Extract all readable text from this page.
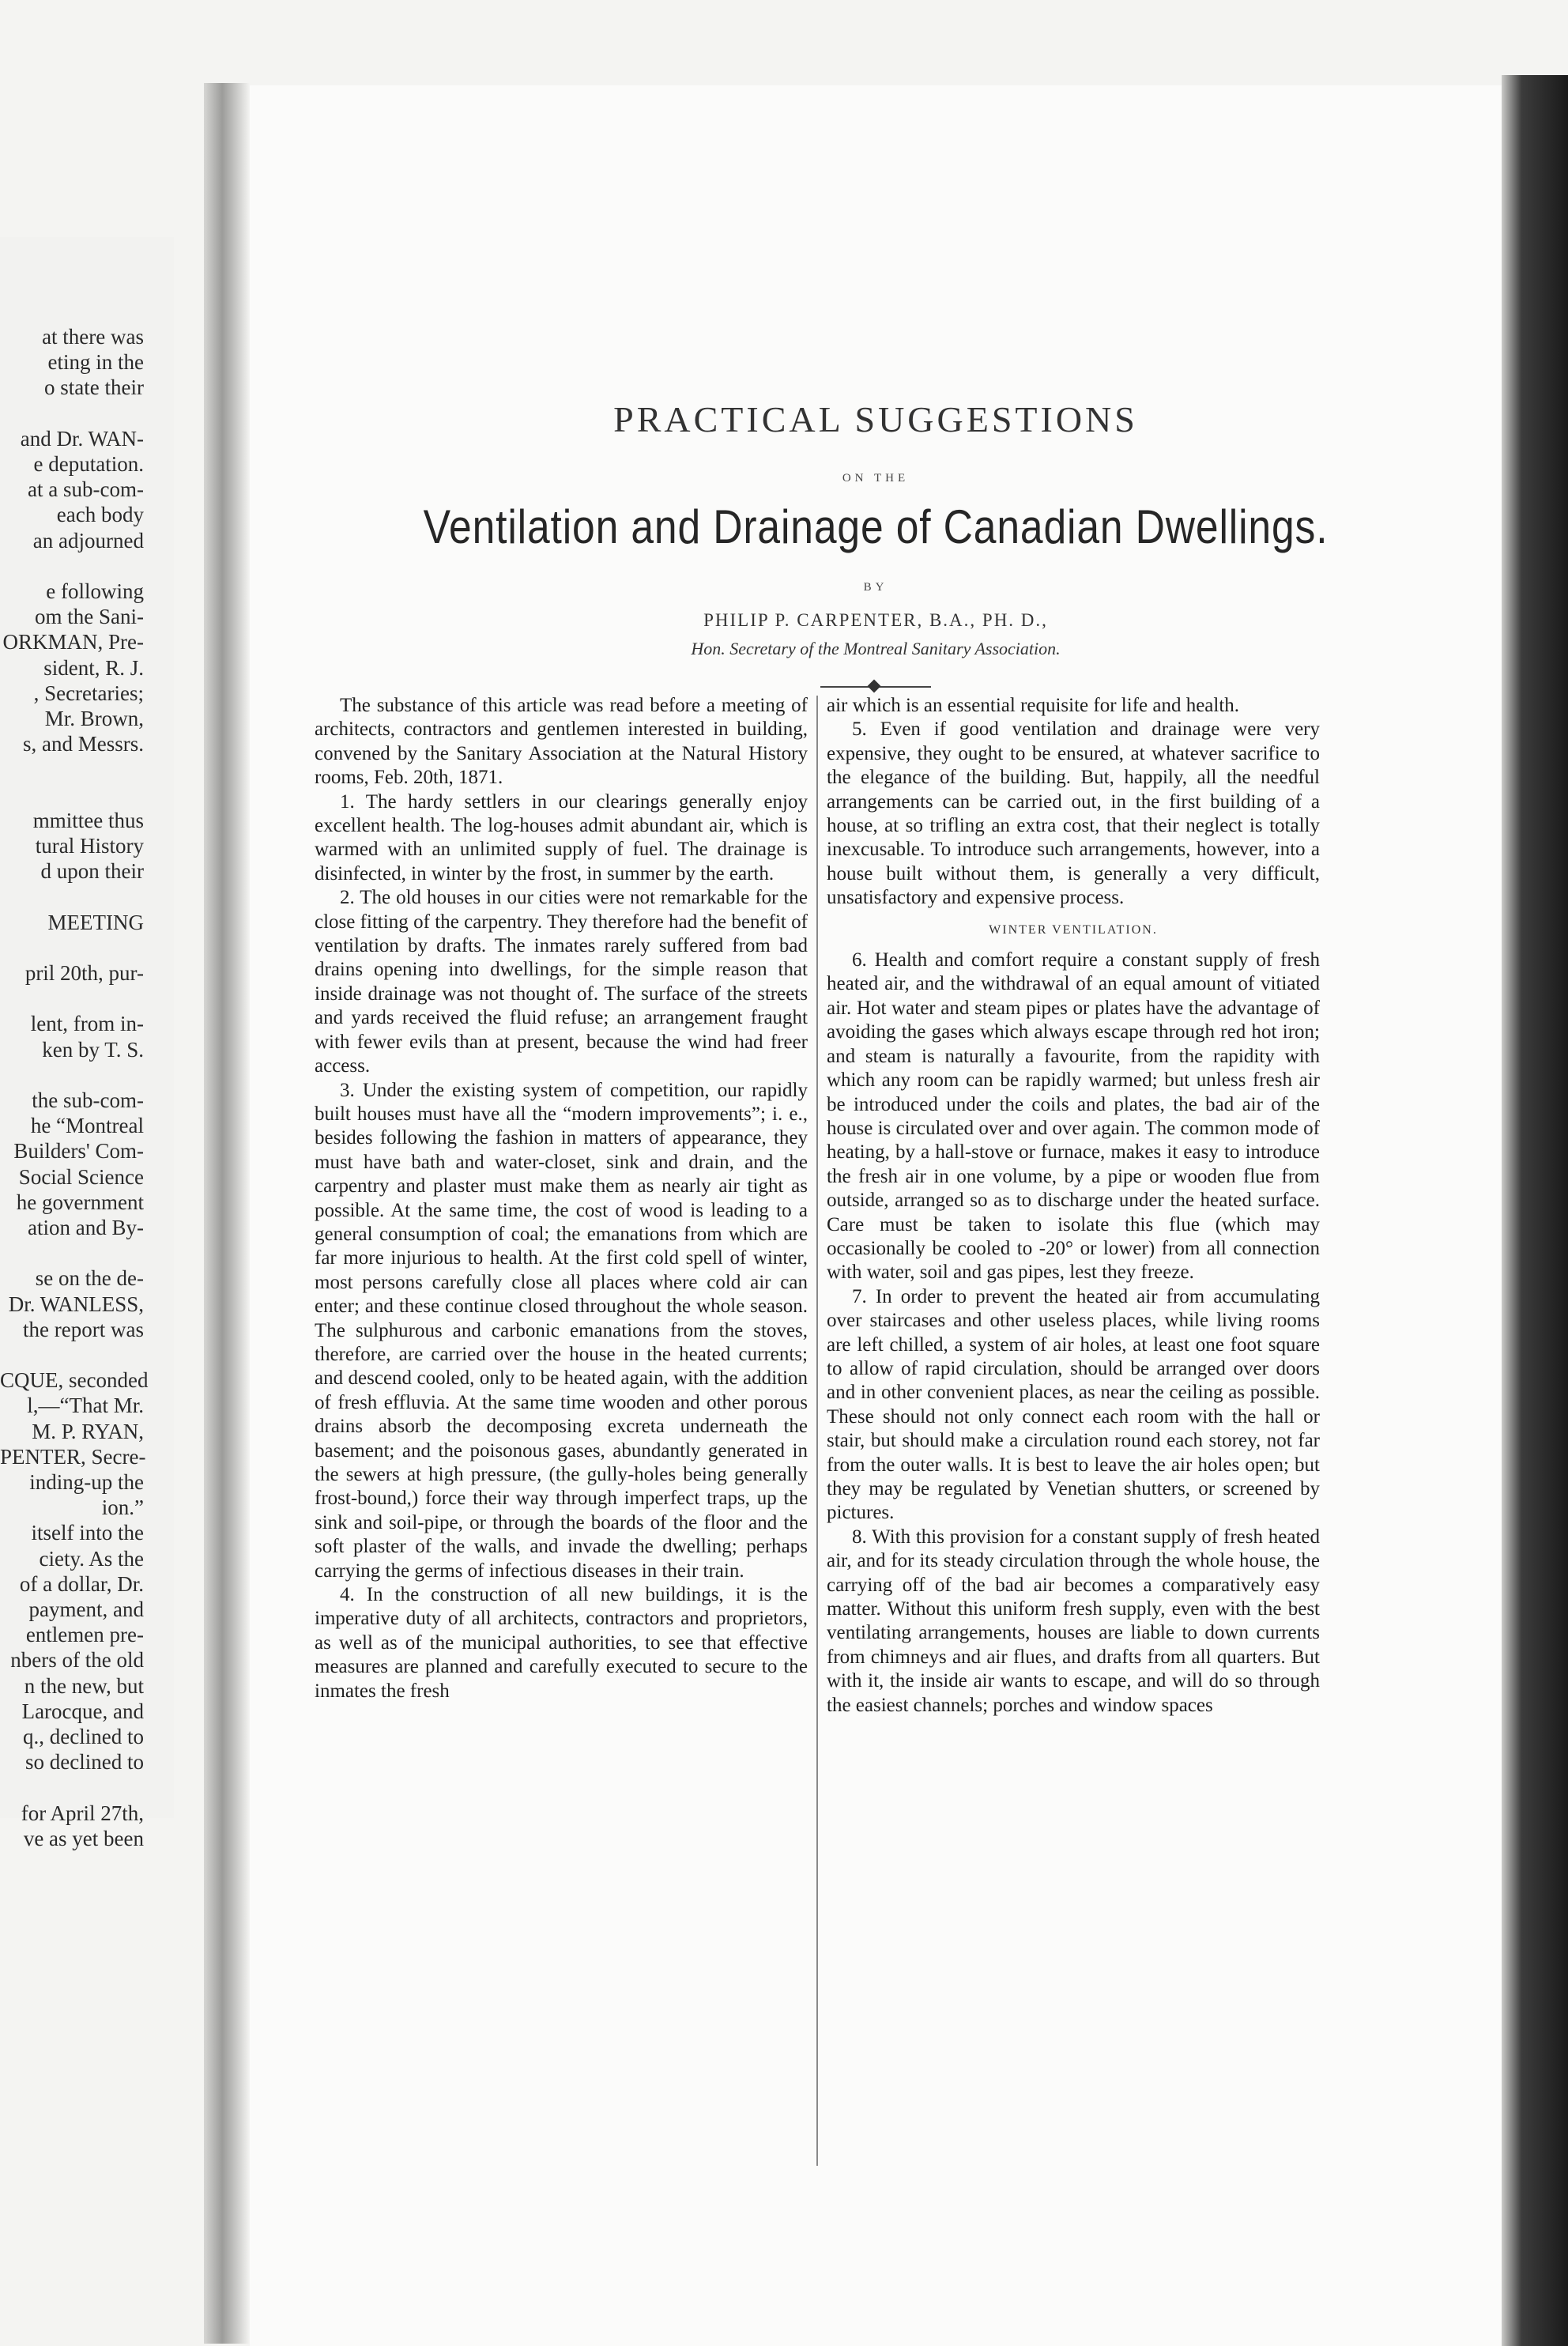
at there was
eting in the
o state their
and Dr. WAN-
e deputation.
at a sub-com-
each body
an adjourned
e following
om the Sani-
ORKMAN, Pre-
sident, R. J.
, Secretaries;
Mr. Brown,
s, and Messrs.
mmittee thus
tural History
d upon their
MEETING
pril 20th, pur-
lent, from in-
ken by T. S.
the sub-com-
he “Montreal
Builders' Com-
Social Science
he government
ation and By-
se on the de-
Dr. WANLESS,
the report was
CQUE, seconded
l,—“That Mr.
M. P. RYAN,
PENTER, Secre-
inding-up the
ion.”
itself into the
ciety. As the
of a dollar, Dr.
payment, and
entlemen pre-
nbers of the old
n the new, but
Larocque, and
q., declined to
so declined to
for April 27th,
ve as yet been
PRACTICAL SUGGESTIONS
ON THE
Ventilation and Drainage of Canadian Dwellings.
BY
PHILIP P. CARPENTER, B.A., PH. D.,
Hon. Secretary of the Montreal Sanitary Association.

The substance of this article was read before a meeting of architects, contractors and gentlemen interested in building, convened by the Sanitary Association at the Natural History rooms, Feb. 20th, 1871.

1. The hardy settlers in our clearings generally enjoy excellent health. The log-houses admit abundant air, which is warmed with an unlimited supply of fuel. The drainage is disinfected, in winter by the frost, in summer by the earth.

2. The old houses in our cities were not remarkable for the close fitting of the carpentry. They therefore had the benefit of ventilation by drafts. The inmates rarely suffered from bad drains opening into dwellings, for the simple reason that inside drainage was not thought of. The surface of the streets and yards received the fluid refuse; an arrangement fraught with fewer evils than at present, because the wind had freer access.

3. Under the existing system of competition, our rapidly built houses must have all the “modern improvements”; i. e., besides following the fashion in matters of appearance, they must have bath and water-closet, sink and drain, and the carpentry and plaster must make them as nearly air tight as possible. At the same time, the cost of wood is leading to a general consumption of coal; the emanations from which are far more injurious to health. At the first cold spell of winter, most persons carefully close all places where cold air can enter; and these continue closed throughout the whole season. The sulphurous and carbonic emanations from the stoves, therefore, are carried over the house in the heated currents; and descend cooled, only to be heated again, with the addition of fresh effluvia. At the same time wooden and other porous drains absorb the decomposing excreta underneath the basement; and the poisonous gases, abundantly generated in the sewers at high pressure, (the gully-holes being generally frost-bound,) force their way through imperfect traps, up the sink and soil-pipe, or through the boards of the floor and the soft plaster of the walls, and invade the dwelling; perhaps carrying the germs of infectious diseases in their train.

4. In the construction of all new buildings, it is the imperative duty of all architects, contractors and proprietors, as well as of the municipal authorities, to see that effective measures are planned and carefully executed to secure to the inmates the fresh

air which is an essential requisite for life and health.

5. Even if good ventilation and drainage were very expensive, they ought to be ensured, at whatever sacrifice to the elegance of the building. But, happily, all the needful arrangements can be carried out, in the first building of a house, at so trifling an extra cost, that their neglect is totally inexcusable. To introduce such arrangements, however, into a house built without them, is generally a very difficult, unsatisfactory and expensive process.

WINTER VENTILATION.

6. Health and comfort require a constant supply of fresh heated air, and the withdrawal of an equal amount of vitiated air. Hot water and steam pipes or plates have the advantage of avoiding the gases which always escape through red hot iron; and steam is naturally a favourite, from the rapidity with which any room can be rapidly warmed; but unless fresh air be introduced under the coils and plates, the bad air of the house is circulated over and over again. The common mode of heating, by a hall-stove or furnace, makes it easy to introduce the fresh air in one volume, by a pipe or wooden flue from outside, arranged so as to discharge under the heated surface. Care must be taken to isolate this flue (which may occasionally be cooled to -20° or lower) from all connection with water, soil and gas pipes, lest they freeze.

7. In order to prevent the heated air from accumulating over staircases and other useless places, while living rooms are left chilled, a system of air holes, at least one foot square to allow of rapid circulation, should be arranged over doors and in other convenient places, as near the ceiling as possible. These should not only connect each room with the hall or stair, but should make a circulation round each storey, not far from the outer walls. It is best to leave the air holes open; but they may be regulated by Venetian shutters, or screened by pictures.

8. With this provision for a constant supply of fresh heated air, and for its steady circulation through the whole house, the carrying off of the bad air becomes a comparatively easy matter. Without this uniform fresh supply, even with the best ventilating arrangements, houses are liable to down currents from chimneys and air flues, and drafts from all quarters. But with it, the inside air wants to escape, and will do so through the easiest channels; porches and window spaces
